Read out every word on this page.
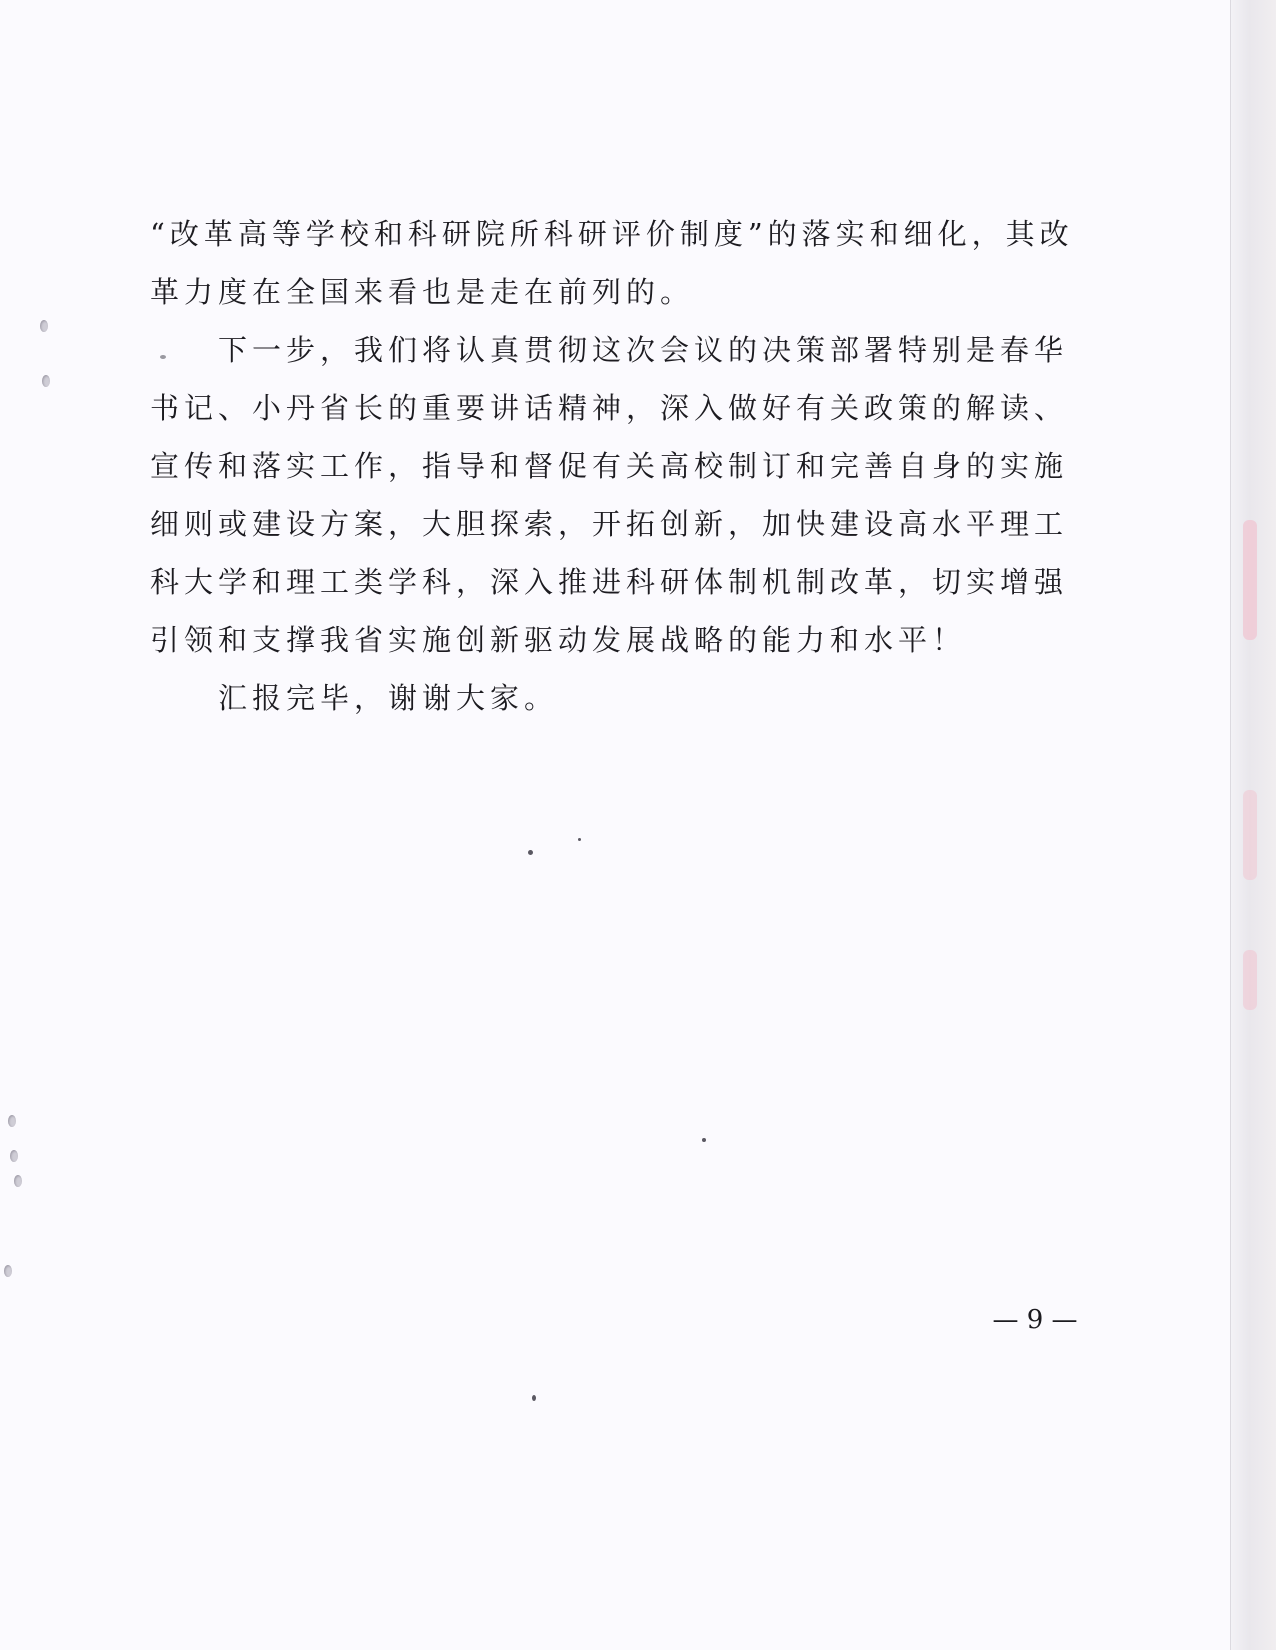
“改革高等学校和科研院所科研评价制度”的落实和细化，其改革力度在全国来看也是走在前列的。

下一步，我们将认真贯彻这次会议的决策部署特别是春华书记、小丹省长的重要讲话精神，深入做好有关政策的解读、宣传和落实工作，指导和督促有关高校制订和完善自身的实施细则或建设方案，大胆探索，开拓创新，加快建设高水平理工科大学和理工类学科，深入推进科研体制机制改革，切实增强引领和支撑我省实施创新驱动发展战略的能力和水平！

汇报完毕，谢谢大家。

— 9 —
